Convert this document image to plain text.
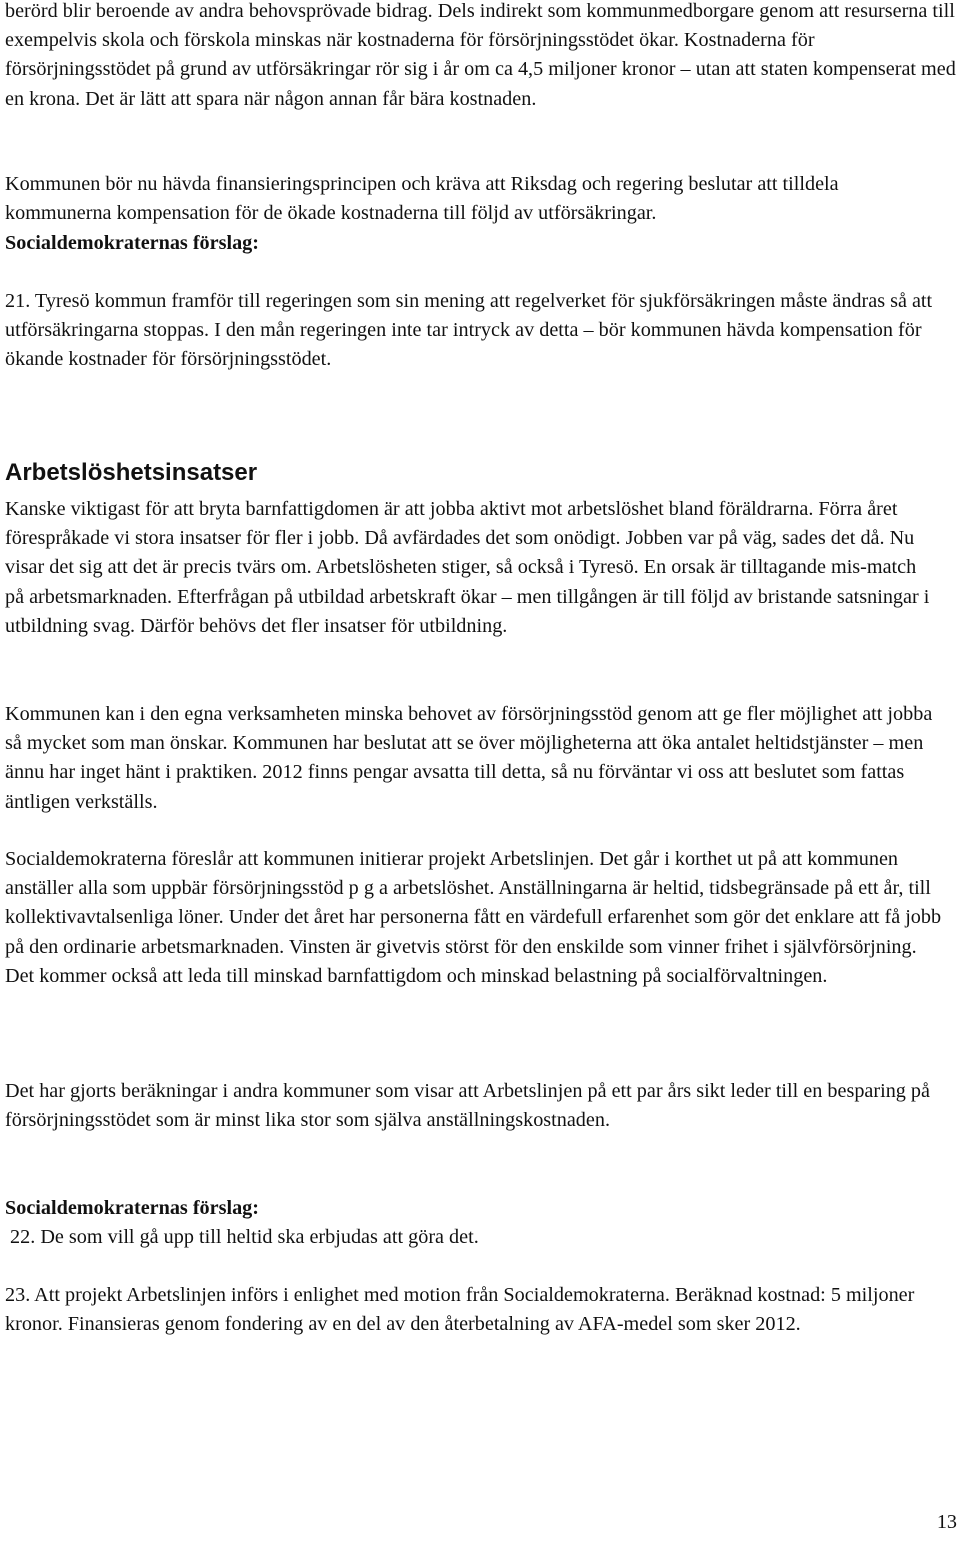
berörd blir beroende av andra behovsprövade bidrag. Dels indirekt som kommunmedborgare genom att resurserna till exempelvis skola och förskola minskas när kostnaderna för försörjningsstödet ökar. Kostnaderna för försörjningsstödet på grund av utförsäkringar rör sig i år om ca 4,5 miljoner kronor – utan att staten kompenserat med en krona. Det är lätt att spara när någon annan får bära kostnaden.

Kommunen bör nu hävda finansieringsprincipen och kräva att Riksdag och regering beslutar att tilldela kommunerna kompensation för de ökade kostnaderna till följd av utförsäkringar.

Socialdemokraternas förslag:

21. Tyresö kommun framför till regeringen som sin mening att regelverket för sjukförsäkringen måste ändras så att utförsäkringarna stoppas. I den mån regeringen inte tar intryck av detta – bör kommunen hävda kompensation för ökande kostnader för försörjningsstödet.

Arbetslöshetsinsatser

Kanske viktigast för att bryta barnfattigdomen är att jobba aktivt mot arbetslöshet bland föräldrarna. Förra året förespråkade vi stora insatser för fler i jobb. Då avfärdades det som onödigt. Jobben var på väg, sades det då. Nu visar det sig att det är precis tvärs om. Arbetslösheten stiger, så också i Tyresö. En orsak är tilltagande mis-match på arbetsmarknaden. Efterfrågan på utbildad arbetskraft ökar – men tillgången är till följd av bristande satsningar i utbildning svag. Därför behövs det fler insatser för utbildning.

Kommunen kan i den egna verksamheten minska behovet av försörjningsstöd genom att ge fler möjlighet att jobba så mycket som man önskar. Kommunen har beslutat att se över möjligheterna att öka antalet heltidstjänster – men ännu har inget hänt i praktiken. 2012 finns pengar avsatta till detta, så nu förväntar vi oss att beslutet som fattas äntligen verkställs.

Socialdemokraterna föreslår att kommunen initierar projekt Arbetslinjen. Det går i korthet ut på att kommunen anställer alla som uppbär försörjningsstöd p g a arbetslöshet. Anställningarna är heltid, tidsbegränsade på ett år, till kollektivavtalsenliga löner. Under det året har personerna fått en värdefull erfarenhet som gör det enklare att få jobb på den ordinarie arbetsmarknaden. Vinsten är givetvis störst för den enskilde som vinner frihet i självförsörjning. Det kommer också att leda till minskad barnfattigdom och minskad belastning på socialförvaltningen.

Det har gjorts beräkningar i andra kommuner som visar att Arbetslinjen på ett par års sikt leder till en besparing på försörjningsstödet som är minst lika stor som själva anställningskostnaden.

Socialdemokraternas förslag:

22. De som vill gå upp till heltid ska erbjudas att göra det.

23. Att projekt Arbetslinjen införs i enlighet med motion från Socialdemokraterna. Beräknad kostnad: 5 miljoner kronor. Finansieras genom fondering av en del av den återbetalning av AFA-medel som sker 2012.

13
